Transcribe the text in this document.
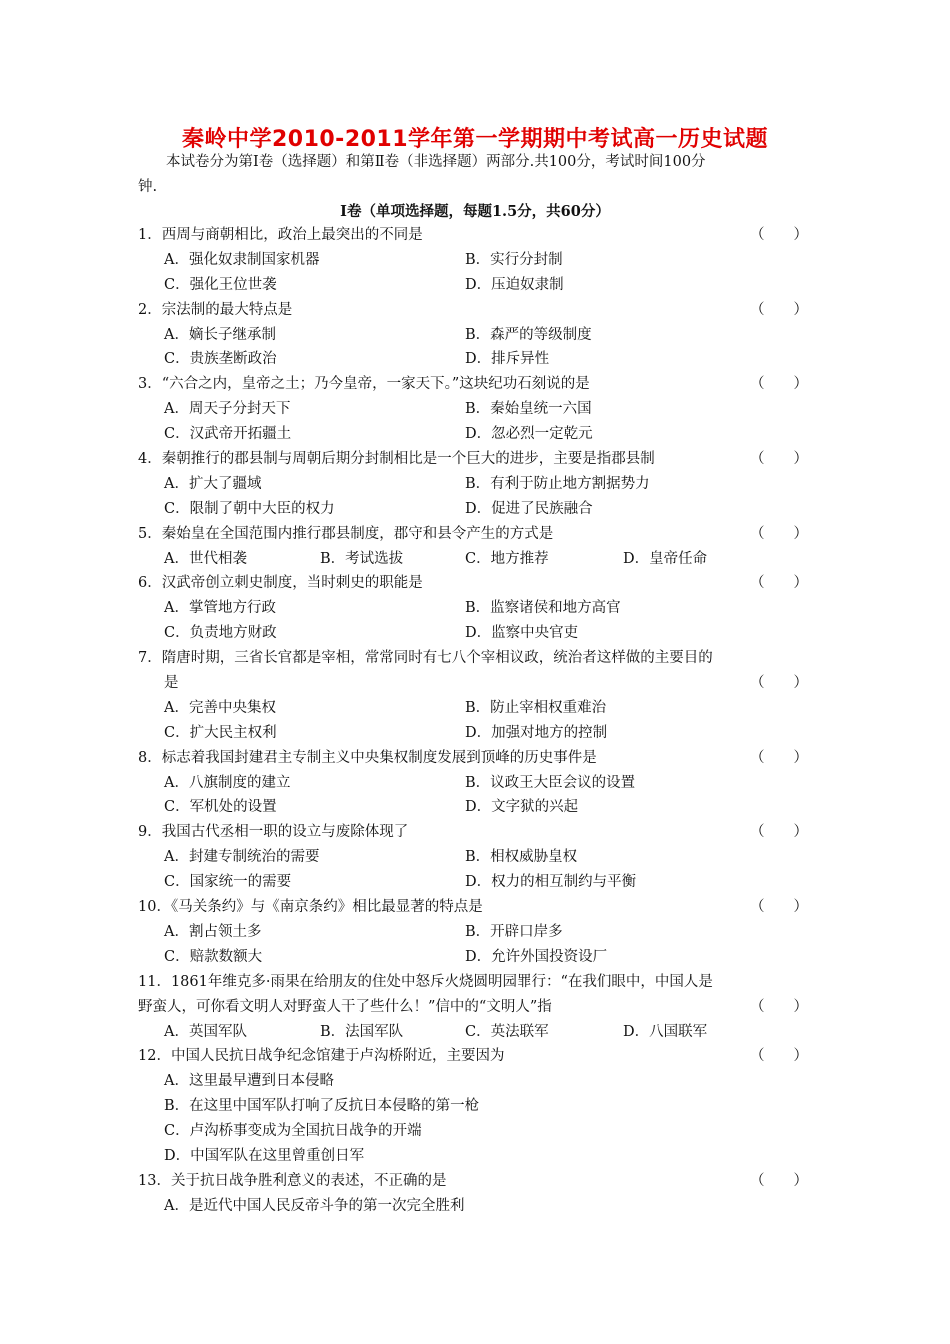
秦岭中学2010-2011学年第一学期期中考试高一历史试题
本试卷分为第Ⅰ卷（选择题）和第Ⅱ卷（非选择题）两部分.共100分，考试时间100分
钟.
Ⅰ卷（单项选择题，每题1.5分，共60分）
1．西周与商朝相比，政治上最突出的不同是	（　　）
A．强化奴隶制国家机器	B．实行分封制
C．强化王位世袭	D．压迫奴隶制
2．宗法制的最大特点是	（　　）
A．嫡长子继承制	B．森严的等级制度
C．贵族垄断政治	D．排斥异性
3．“六合之内，皇帝之土；乃今皇帝，一家天下。”这块纪功石刻说的是	（　　）
A．周天子分封天下	B．秦始皇统一六国
C．汉武帝开拓疆土	D．忽必烈一定乾元
4．秦朝推行的郡县制与周朝后期分封制相比是一个巨大的进步，主要是指郡县制	（　　）
A．扩大了疆域	B．有利于防止地方割据势力
C．限制了朝中大臣的权力	D．促进了民族融合
5．秦始皇在全国范围内推行郡县制度，郡守和县令产生的方式是	（　　）
A．世代相袭	B．考试选拔	C．地方推荐	D．皇帝任命
6．汉武帝创立刺史制度，当时刺史的职能是	（　　）
A．掌管地方行政	B．监察诸侯和地方高官
C．负责地方财政	D．监察中央官吏
7．隋唐时期，三省长官都是宰相，常常同时有七八个宰相议政，统治者这样做的主要目的
是	（　　）
A．完善中央集权	B．防止宰相权重难治
C．扩大民主权利	D．加强对地方的控制
8．标志着我国封建君主专制主义中央集权制度发展到顶峰的历史事件是	（　　）
A．八旗制度的建立	B．议政王大臣会议的设置
C．军机处的设置	D．文字狱的兴起
9．我国古代丞相一职的设立与废除体现了	（　　）
A．封建专制统治的需要	B．相权威胁皇权
C．国家统一的需要	D．权力的相互制约与平衡
10．《马关条约》与《南京条约》相比最显著的特点是	（　　）
A．割占领土多	B．开辟口岸多
C．赔款数额大	D．允许外国投资设厂
11．1861年维克多·雨果在给朋友的住处中怒斥火烧圆明园罪行：“在我们眼中，中国人是
野蛮人，可你看文明人对野蛮人干了些什么！”信中的“文明人”指	（　　）
A．英国军队	B．法国军队	C．英法联军	D．八国联军
12．中国人民抗日战争纪念馆建于卢沟桥附近，主要因为	（　　）
A．这里最早遭到日本侵略
B．在这里中国军队打响了反抗日本侵略的第一枪
C．卢沟桥事变成为全国抗日战争的开端
D．中国军队在这里曾重创日军
13．关于抗日战争胜利意义的表述，不正确的是	（　　）
A．是近代中国人民反帝斗争的第一次完全胜利
